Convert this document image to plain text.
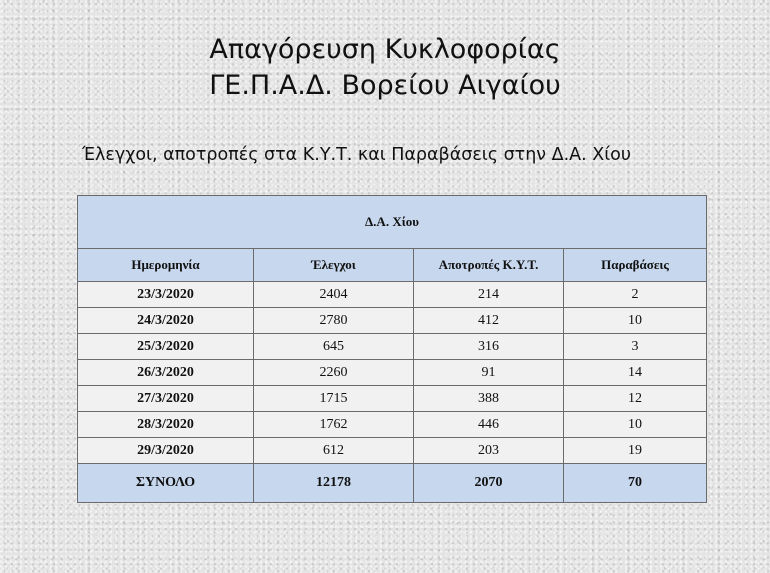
Απαγόρευση Κυκλοφορίας
ΓΕ.Π.Α.Δ. Βορείου Αιγαίου
Έλεγχοι, αποτροπές στα Κ.Υ.Τ. και Παραβάσεις στην Δ.Α. Χίου
Δ.Α. Χίου			
Ημερομηνία	Έλεγχοι	Αποτροπές Κ.Υ.Τ.	Παραβάσεις
23/3/2020	2404	214	2
24/3/2020	2780	412	10
25/3/2020	645	316	3
26/3/2020	2260	91	14
27/3/2020	1715	388	12
28/3/2020	1762	446	10
29/3/2020	612	203	19
ΣΥΝΟΛΟ	12178	2070	70
